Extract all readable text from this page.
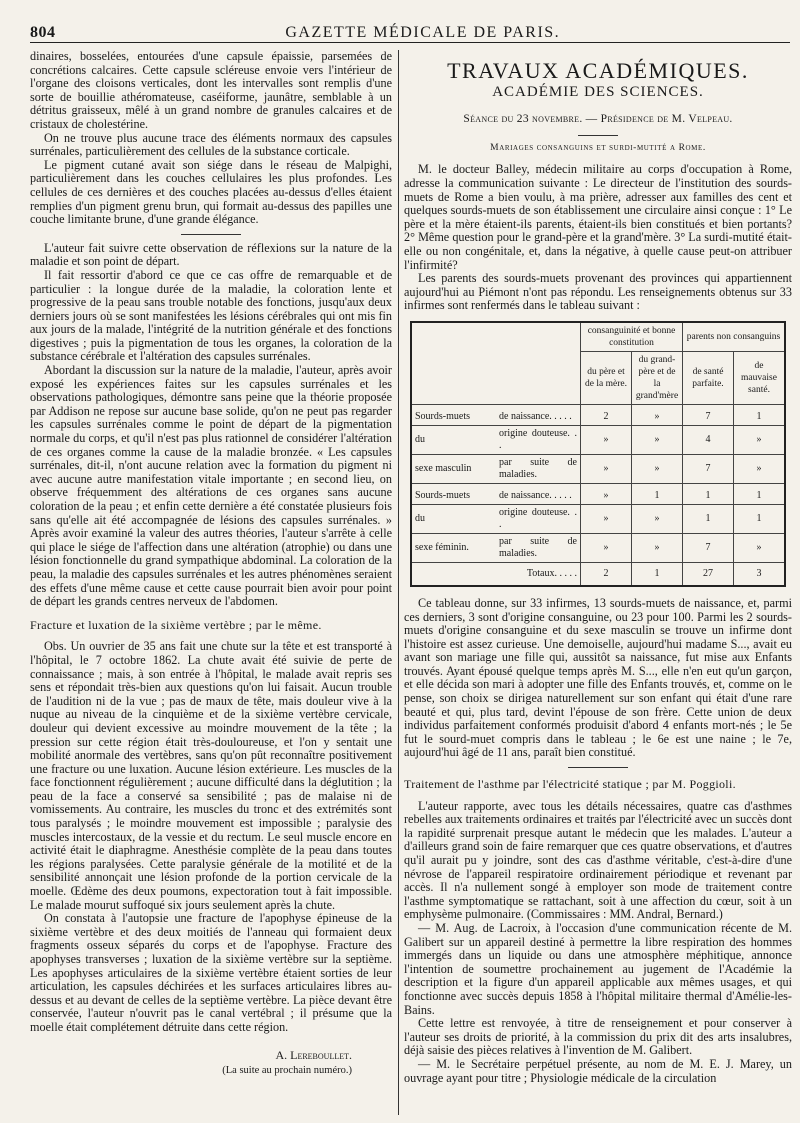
804	GAZETTE MÉDICALE DE PARIS.

dinaires, bosselées, entourées d'une capsule épaissie, parsemées de concrétions calcaires. Cette capsule scléreuse envoie vers l'intérieur de l'organe des cloisons verticales, dont les intervalles sont remplis d'une sorte de bouillie athéromateuse, caséiforme, jaunâtre, semblable à un détritus graisseux, mêlé à un grand nombre de granules calcaires et de cristaux de cholestérine.

On ne trouve plus aucune trace des éléments normaux des capsules surrénales, particulièrement des cellules de la substance corticale.

Le pigment cutané avait son siége dans le réseau de Malpighi, particulièrement dans les couches cellulaires les plus profondes. Les cellules de ces dernières et des couches placées au-dessus d'elles étaient remplies d'un pigment grenu brun, qui formait au-dessus des papilles une couche limitante brune, d'une grande élégance.

L'auteur fait suivre cette observation de réflexions sur la nature de la maladie et son point de départ.

Il fait ressortir d'abord ce que ce cas offre de remarquable et de particulier : la longue durée de la maladie, la coloration lente et progressive de la peau sans trouble notable des fonctions, jusqu'aux deux derniers jours où se sont manifestées les lésions cérébrales qui ont mis fin aux jours de la malade, l'intégrité de la nutrition générale et des fonctions digestives ; puis la pigmentation de tous les organes, la coloration de la substance cérébrale et l'altération des capsules surrénales.

Abordant la discussion sur la nature de la maladie, l'auteur, après avoir exposé les expériences faites sur les capsules surrénales et les observations pathologiques, démontre sans peine que la théorie proposée par Addison ne repose sur aucune base solide, qu'on ne peut pas regarder les capsules surrénales comme le point de départ de la pigmentation normale du corps, et qu'il n'est pas plus rationnel de considérer l'altération de ces organes comme la cause de la maladie bronzée. « Les capsules surrénales, dit-il, n'ont aucune relation avec la formation du pigment ni avec aucune autre manifestation vitale importante ; en second lieu, on observe fréquemment des altérations de ces organes sans aucune coloration de la peau ; et enfin cette dernière a été constatée plusieurs fois sans qu'elle ait été accompagnée de lésions des capsules surrénales. » Après avoir examiné la valeur des autres théories, l'auteur s'arrête à celle qui place le siége de l'affection dans une altération (atrophie) ou dans une lésion fonctionnelle du grand sympathique abdominal. La coloration de la peau, la maladie des capsules surrénales et les autres phénomènes seraient des effets d'une même cause et cette cause pourrait bien avoir pour point de départ les grands centres nerveux de l'abdomen.

Fracture et luxation de la sixième vertèbre ; par le même.

Obs. Un ouvrier de 35 ans fait une chute sur la tête et est transporté à l'hôpital, le 7 octobre 1862. La chute avait été suivie de perte de connaissance ; mais, à son entrée à l'hôpital, le malade avait repris ses sens et répondait très-bien aux questions qu'on lui faisait. Aucun trouble de l'audition ni de la vue ; pas de maux de tête, mais douleur vive à la nuque au niveau de la cinquième et de la sixième vertèbre cervicale, douleur qui devient excessive au moindre mouvement de la tête ; la pression sur cette région était très-douloureuse, et l'on y sentait une mobilité anormale des vertèbres, sans qu'on pût reconnaître positivement une fracture ou une luxation. Aucune lésion extérieure. Les muscles de la face fonctionnent régulièrement ; aucune difficulté dans la déglutition ; la peau de la face a conservé sa sensibilité ; pas de malaise ni de vomissements. Au contraire, les muscles du tronc et des extrémités sont tous paralysés ; le moindre mouvement est impossible ; paralysie des muscles intercostaux, de la vessie et du rectum. Le seul muscle encore en activité était le diaphragme. Anesthésie complète de la peau dans toutes les régions paralysées. Cette paralysie générale de la motilité et de la sensibilité annonçait une lésion profonde de la portion cervicale de la moelle. Œdème des deux poumons, expectoration tout à fait impossible. Le malade mourut suffoqué six jours seulement après la chute.

On constata à l'autopsie une fracture de l'apophyse épineuse de la sixième vertèbre et des deux moitiés de l'anneau qui formaient deux fragments osseux séparés du corps et de l'apophyse. Fracture des apophyses transverses ; luxation de la sixième vertèbre sur la septième. Les apophyses articulaires de la sixième vertèbre étaient sorties de leur articulation, les capsules déchirées et les surfaces articulaires libres au-dessus et au devant de celles de la septième vertèbre. La pièce devant être conservée, l'auteur n'ouvrit pas le canal vertébral ; il présume que la moelle était complétement détruite dans cette région.

A. Lereboullet.
(La suite au prochain numéro.)
TRAVAUX ACADÉMIQUES.
ACADÉMIE DES SCIENCES.
Séance du 23 novembre. — Présidence de M. Velpeau.
Mariages consanguins et surdi-mutité a Rome.

M. le docteur Balley, médecin militaire au corps d'occupation à Rome, adresse la communication suivante : Le directeur de l'institution des sourds-muets de Rome a bien voulu, à ma prière, adresser aux familles des cent et quelques sourds-muets de son établissement une circulaire ainsi conçue : 1° Le père et la mère étaient-ils parents, étaient-ils bien constitués et bien portants? 2° Même question pour le grand-père et la grand'mère. 3° La surdi-mutité était-elle ou non congénitale, et, dans la négative, à quelle cause peut-on attribuer l'infirmité?

Les parents des sourds-muets provenant des provinces qui appartiennent aujourd'hui au Piémont n'ont pas répondu. Les renseignements obtenus sur 33 infirmes sont renfermés dans le tableau suivant :

		consanguinité et bonne constitution		parents non consanguins	
		du père et de la mère.	du grand-père et de la grand'mère	de santé parfaite.	de mauvaise santé.
Sourds-muets	de naissance. . . . .	2	»	7	1
du	origine douteuse. . .	»	»	4	»
sexe masculin	par suite de maladies.	»	»	7	»
Sourds-muets	de naissance. . . . .	»	1	1	1
du	origine douteuse. . .	»	»	1	1
sexe féminin.	par suite de maladies.	»	»	7	»
Totaux. . . . .		2	1	27	3

Ce tableau donne, sur 33 infirmes, 13 sourds-muets de naissance, et, parmi ces derniers, 3 sont d'origine consanguine, ou 23 pour 100. Parmi les 2 sourds-muets d'origine consanguine et du sexe masculin se trouve un infirme dont l'histoire est assez curieuse. Une demoiselle, aujourd'hui madame S..., avait eu avant son mariage une fille qui, aussitôt sa naissance, fut mise aux Enfants trouvés. Ayant épousé quelque temps après M. S..., elle n'en eut qu'un garçon, et elle décida son mari à adopter une fille des Enfants trouvés, et, comme on le pense, son choix se dirigea naturellement sur son enfant qui était d'une rare beauté et qui, plus tard, devint l'épouse de son frère. Cette union de deux individus parfaitement conformés produisit d'abord 4 enfants mort-nés ; le 5e fut le sourd-muet compris dans le tableau ; le 6e est une naine ; le 7e, aujourd'hui âgé de 11 ans, paraît bien constitué.

Traitement de l'asthme par l'électricité statique ; par M. Poggioli.

L'auteur rapporte, avec tous les détails nécessaires, quatre cas d'asthmes rebelles aux traitements ordinaires et traités par l'électricité avec un succès dont la rapidité surprenait presque autant le médecin que les malades. L'auteur a d'ailleurs grand soin de faire remarquer que ces quatre observations, et d'autres qu'il aurait pu y joindre, sont des cas d'asthme véritable, c'est-à-dire d'une névrose de l'appareil respiratoire ordinairement périodique et revenant par accès. Il n'a nullement songé à employer son mode de traitement contre l'asthme symptomatique se rattachant, soit à une affection du cœur, soit à un emphysème pulmonaire. (Commissaires : MM. Andral, Bernard.)

— M. Aug. de Lacroix, à l'occasion d'une communication récente de M. Galibert sur un appareil destiné à permettre la libre respiration des hommes immergés dans un liquide ou dans une atmosphère méphitique, annonce l'intention de soumettre prochainement au jugement de l'Académie la description et la figure d'un appareil applicable aux mêmes usages, et qui fonctionne avec succès depuis 1858 à l'hôpital militaire thermal d'Amélie-les-Bains.

Cette lettre est renvoyée, à titre de renseignement et pour conserver à l'auteur ses droits de priorité, à la commission du prix dit des arts insalubres, déjà saisie des pièces relatives à l'invention de M. Galibert.

— M. le Secrétaire perpétuel présente, au nom de M. E. J. Marey, un ouvrage ayant pour titre ; Physiologie médicale de la circulation
